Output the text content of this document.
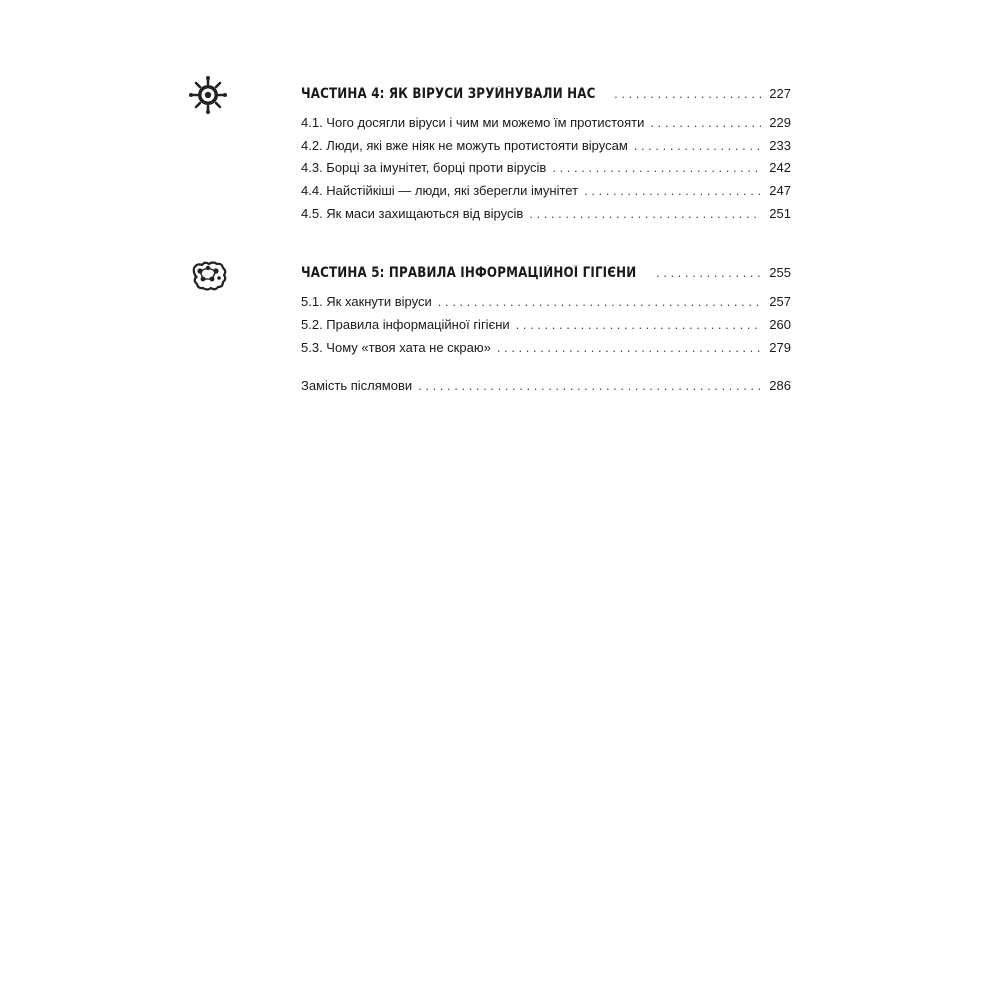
ЧАСТИНА 4: ЯК ВІРУСИ ЗРУЙНУВАЛИ НАС . . .	227
4.1. Чого досягли віруси і чим ми можемо їм протистояти . . .	229
4.2. Люди, які вже ніяк не можуть протистояти вірусам . . .	233
4.3. Борці за імунітет, борці проти вірусів . . .	242
4.4. Найстійкіші — люди, які зберегли імунітет . . .	247
4.5. Як маси захищаються від вірусів . . .	251
ЧАСТИНА 5: ПРАВИЛА ІНФОРМАЦІЙНОЇ ГІГІЄНИ . . .	255
5.1. Як хакнути віруси . . .	257
5.2. Правила інформаційної гігієни . . .	260
5.3. Чому «твоя хата не скраю» . . .	279
Замість післямови . . .	286
